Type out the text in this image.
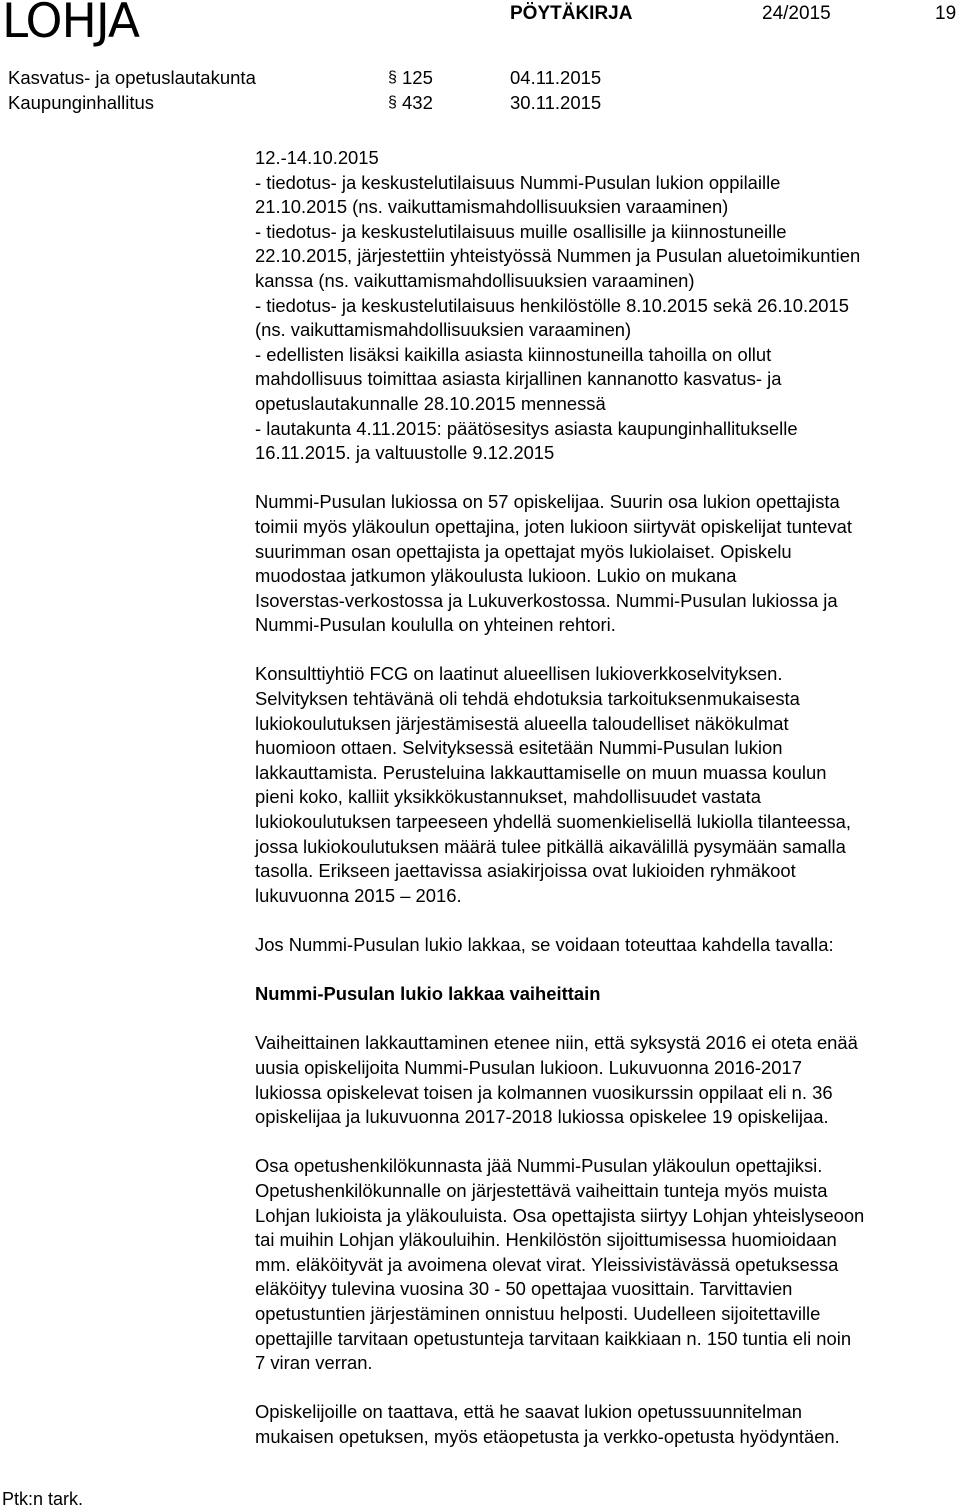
LOHJA	PÖYTÄKIRJA	24/2015	19
Kasvatus- ja opetuslautakunta	§ 125	04.11.2015
Kaupunginhallitus	§ 432	30.11.2015

12.-14.10.2015
- tiedotus- ja keskustelutilaisuus Nummi-Pusulan lukion oppilaille
21.10.2015 (ns. vaikuttamismahdollisuuksien varaaminen)
- tiedotus- ja keskustelutilaisuus muille osallisille ja kiinnostuneille
22.10.2015, järjestettiin yhteistyössä Nummen ja Pusulan aluetoimikuntien
kanssa (ns. vaikuttamismahdollisuuksien varaaminen)
- tiedotus- ja keskustelutilaisuus henkilöstölle 8.10.2015 sekä 26.10.2015
(ns. vaikuttamismahdollisuuksien varaaminen)
- edellisten lisäksi kaikilla asiasta kiinnostuneilla tahoilla on ollut
mahdollisuus toimittaa asiasta kirjallinen kannanotto kasvatus- ja
opetuslautakunnalle 28.10.2015 mennessä
- lautakunta 4.11.2015: päätösesitys asiasta kaupunginhallitukselle
16.11.2015. ja valtuustolle 9.12.2015

Nummi-Pusulan lukiossa on 57 opiskelijaa. Suurin osa lukion opettajista
toimii myös yläkoulun opettajina, joten lukioon siirtyvät opiskelijat tuntevat
suurimman osan opettajista ja opettajat myös lukiolaiset. Opiskelu
muodostaa jatkumon yläkoulusta lukioon. Lukio on mukana
Isoverstas-verkostossa ja Lukuverkostossa. Nummi-Pusulan lukiossa ja
Nummi-Pusulan koululla on yhteinen rehtori.

Konsulttiyhtiö FCG on laatinut alueellisen lukioverkkoselvityksen.
Selvityksen tehtävänä oli tehdä ehdotuksia tarkoituksenmukaisesta
lukiokoulutuksen järjestämisestä alueella taloudelliset näkökulmat
huomioon ottaen. Selvityksessä esitetään Nummi-Pusulan lukion
lakkauttamista. Perusteluina lakkauttamiselle on muun muassa koulun
pieni koko, kalliit yksikkökustannukset, mahdollisuudet vastata
lukiokoulutuksen tarpeeseen yhdellä suomenkielisellä lukiolla tilanteessa,
jossa lukiokoulutuksen määrä tulee pitkällä aikavälillä pysymään samalla
tasolla. Erikseen jaettavissa asiakirjoissa ovat lukioiden ryhmäkoot
lukuvuonna 2015 – 2016.

Jos Nummi-Pusulan lukio lakkaa, se voidaan toteuttaa kahdella tavalla:

Nummi-Pusulan lukio lakkaa vaiheittain

Vaiheittainen lakkauttaminen etenee niin, että syksystä 2016 ei oteta enää
uusia opiskelijoita Nummi-Pusulan lukioon. Lukuvuonna 2016-2017
lukiossa opiskelevat toisen ja kolmannen vuosikurssin oppilaat eli n. 36
opiskelijaa ja lukuvuonna 2017-2018 lukiossa opiskelee 19 opiskelijaa.

Osa opetushenkilökunnasta jää Nummi-Pusulan yläkoulun opettajiksi.
Opetushenkilökunnalle on järjestettävä vaiheittain tunteja myös muista
Lohjan lukioista ja yläkouluista. Osa opettajista siirtyy Lohjan yhteislyseoon
tai muihin Lohjan yläkouluihin. Henkilöstön sijoittumisessa huomioidaan
mm. eläköityvät ja avoimena olevat virat. Yleissivistävässä opetuksessa
eläköityy tulevina vuosina 30 - 50 opettajaa vuosittain. Tarvittavien
opetustuntien järjestäminen onnistuu helposti. Uudelleen sijoitettaville
opettajille tarvitaan opetustunteja tarvitaan kaikkiaan n. 150 tuntia eli noin
7 viran verran.

Opiskelijoille on taattava, että he saavat lukion opetussuunnitelman
mukaisen opetuksen, myös etäopetusta ja verkko-opetusta hyödyntäen.

Ptk:n tark.
